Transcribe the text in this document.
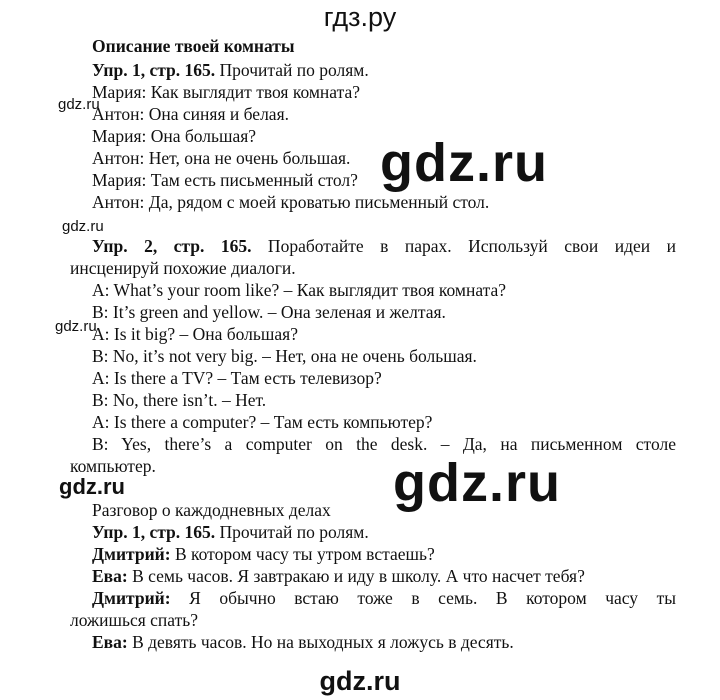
гдз.ру
gdz.ru
gdz.ru
gdz.ru
gdz.ru
gdz.ru
gdz.ru
gdz.ru
Описание твоей комнаты
Упр. 1, стр. 165. Прочитай по ролям.
Мария: Как выглядит твоя комната?
Антон: Она синяя и белая.
Мария: Она большая?
Антон: Нет, она не очень большая.
Мария: Там есть письменный стол?
Антон: Да, рядом с моей кроватью письменный стол.
Упр. 2, стр. 165. Поработайте в парах. Используй свои идеи и
инсценируй похожие диалоги.
A: What’s your room like? – Как выглядит твоя комната?
B: It’s green and yellow. – Она зеленая и желтая.
A: Is it big? – Она большая?
B: No, it’s not very big. – Нет, она не очень большая.
A: Is there a TV? – Там есть телевизор?
B: No, there isn’t. – Нет.
A: Is there a computer? – Там есть компьютер?
B: Yes, there’s a computer on the desk. – Да, на письменном столе
компьютер.
Разговор о каждодневных делах
Упр. 1, стр. 165. Прочитай по ролям.
Дмитрий: В котором часу ты утром встаешь?
Ева: В семь часов. Я завтракаю и иду в школу. А что насчет тебя?
Дмитрий: Я обычно встаю тоже в семь. В котором часу ты
ложишься спать?
Ева: В девять часов. Но на выходных я ложусь в десять.
